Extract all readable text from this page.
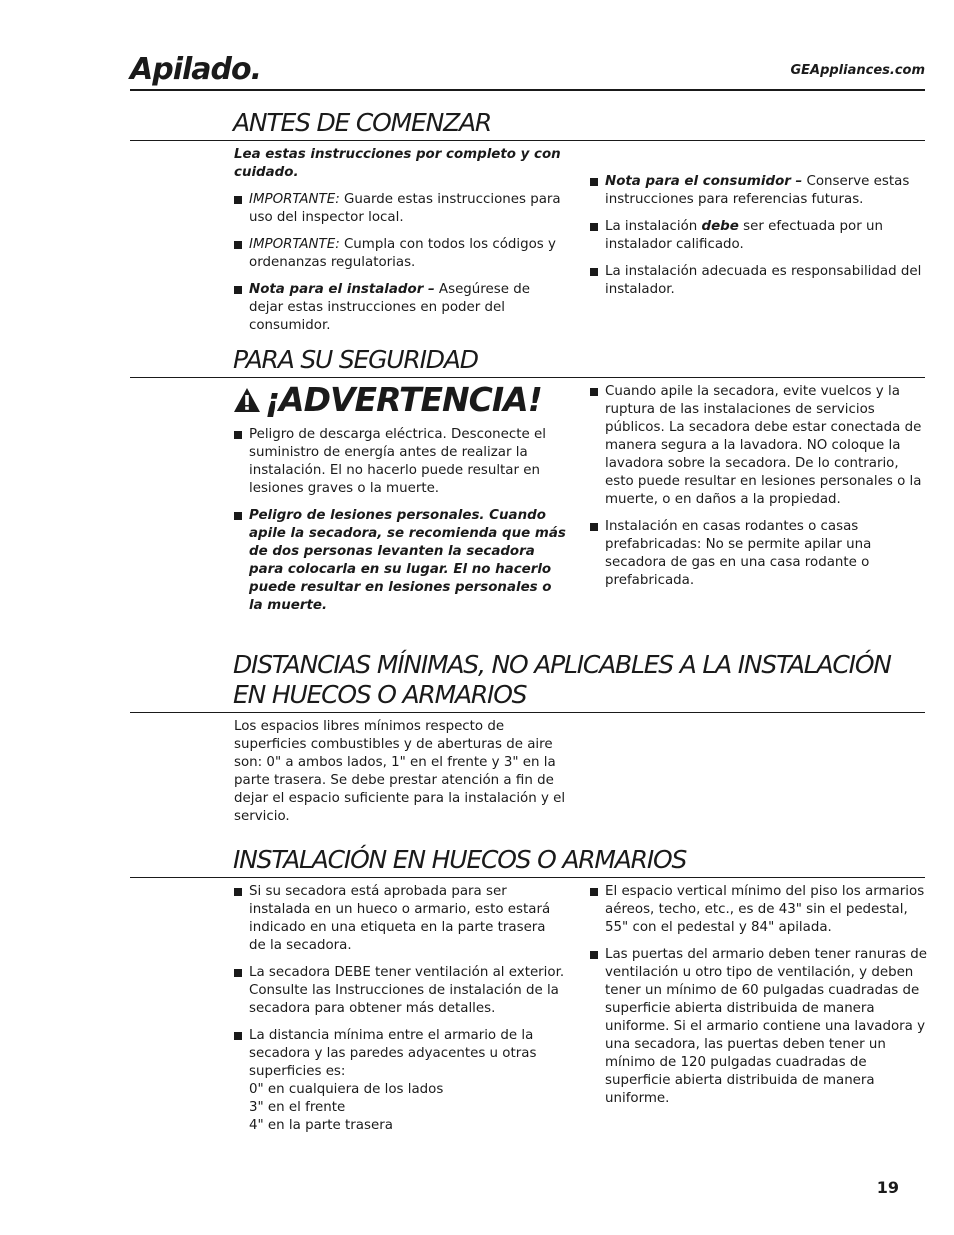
Apilado.	GEAppliances.com
ANTES DE COMENZAR

Lea estas instrucciones por completo y con cuidado.

IMPORTANTE: Guarde estas instrucciones para uso del inspector local.
IMPORTANTE: Cumpla con todos los códigos y ordenanzas regulatorias.
Nota para el instalador – Asegúrese de dejar estas instrucciones en poder del consumidor.
Nota para el consumidor – Conserve estas instrucciones para referencias futuras.
La instalación debe ser efectuada por un instalador calificado.
La instalación adecuada es responsabilidad del instalador.
PARA SU SEGURIDAD
¡ADVERTENCIA!
Peligro de descarga eléctrica. Desconecte el suministro de energía antes de realizar la instalación. El no hacerlo puede resultar en lesiones graves o la muerte.
Peligro de lesiones personales. Cuando apile la secadora, se recomienda que más de dos personas levanten la secadora para colocarla en su lugar. El no hacerlo puede resultar en lesiones personales o la muerte.
Cuando apile la secadora, evite vuelcos y la ruptura de las instalaciones de servicios públicos. La secadora debe estar conectada de manera segura a la lavadora. NO coloque la lavadora sobre la secadora. De lo contrario, esto puede resultar en lesiones personales o la muerte, o en daños a la propiedad.
Instalación en casas rodantes o casas prefabricadas: No se permite apilar una secadora de gas en una casa rodante o prefabricada.
DISTANCIAS MÍNIMAS, NO APLICABLES A LA INSTALACIÓN
EN HUECOS O ARMARIOS

Los espacios libres mínimos respecto de superficies combustibles y de aberturas de aire son: 0" a ambos lados, 1" en el frente y 3" en la parte trasera. Se debe prestar atención a fin de dejar el espacio suficiente para la instalación y el servicio.

INSTALACIÓN EN HUECOS O ARMARIOS
Si su secadora está aprobada para ser instalada en un hueco o armario, esto estará indicado en una etiqueta en la parte trasera de la secadora.
La secadora DEBE tener ventilación al exterior. Consulte las Instrucciones de instalación de la secadora para obtener más detalles.
La distancia mínima entre el armario de la secadora y las paredes adyacentes u otras superficies es:
0" en cualquiera de los lados
3" en el frente
4" en la parte trasera
El espacio vertical mínimo del piso los armarios aéreos, techo, etc., es de 43" sin el pedestal, 55" con el pedestal y 84" apilada.
Las puertas del armario deben tener ranuras de ventilación u otro tipo de ventilación, y deben tener un mínimo de 60 pulgadas cuadradas de superficie abierta distribuida de manera uniforme. Si el armario contiene una lavadora y una secadora, las puertas deben tener un mínimo de 120 pulgadas cuadradas de superficie abierta distribuida de manera uniforme.
19
